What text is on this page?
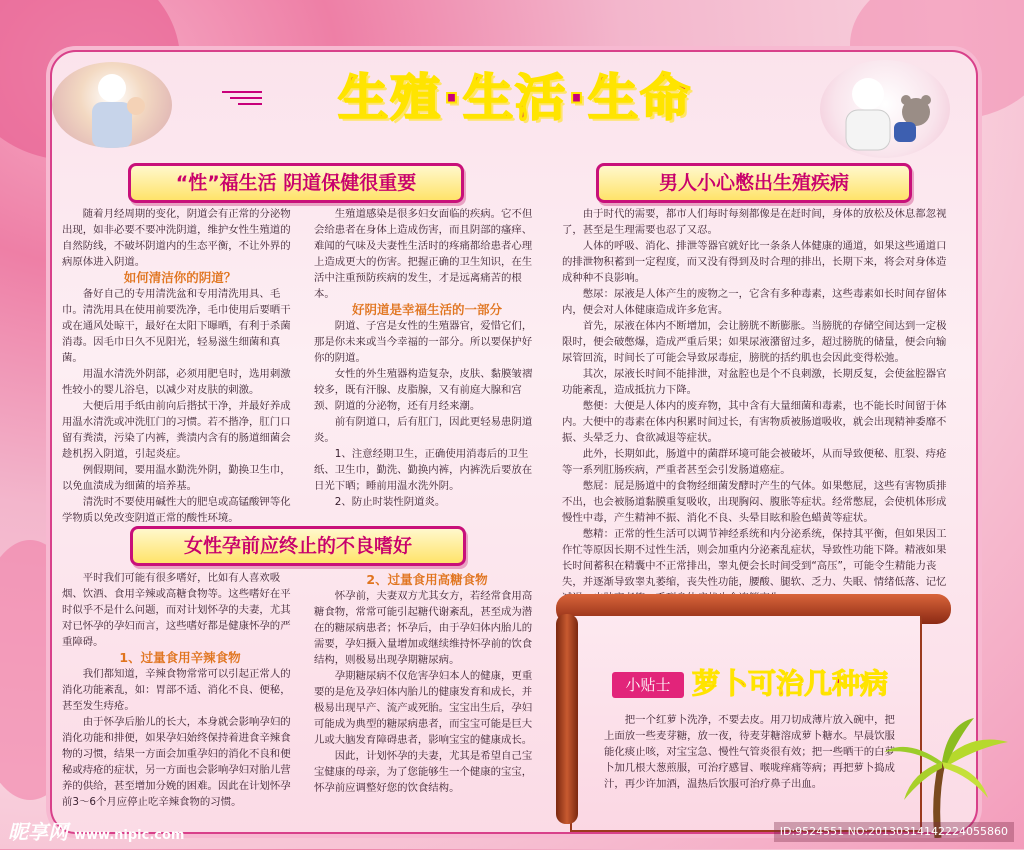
生殖·生活·生命
“性”福生活 阴道保健很重要

随着月经周期的变化，阴道会有正常的分泌物出现，如非必要不要冲洗阴道，维护女性生殖道的自然防线，不破坏阴道内的生态平衡，不让外界的病原体进入阴道。

如何清洁你的阴道？

备好自己的专用清洗盆和专用清洗用具、毛巾。清洗用具在使用前要洗净，毛巾使用后要晒干或在通风处晾干，最好在太阳下曝晒，有利于杀菌消毒。因毛巾日久不见阳光，轻易滋生细菌和真菌。

用温水清洗外阴部，必须用肥皂时，选用刺激性较小的婴儿浴皂，以减少对皮肤的刺激。

大便后用手纸由前向后揩拭干净，并最好养成用温水清洗或冲洗肛门的习惯。若不揩净，肛门口留有粪渍，污染了内裤，粪渍内含有的肠道细菌会趁机拐入阴道，引起炎症。

例假期间，要用温水勤洗外阴，勤换卫生巾，以免血渍成为细菌的培养基。

清洗时不要使用碱性大的肥皂或高锰酸钾等化学物质以免改变阴道正常的酸性环境。

生殖道感染是很多妇女面临的疾病。它不但会给患者在身体上造成伤害，而且阴部的瘙痒、难闻的气味及夫妻性生活时的疼痛都给患者心理上造成更大的伤害。把握正确的卫生知识，在生活中注重预防疾病的发生，才是远离痛苦的根本。

好阴道是幸福生活的一部分

阴道、子宫是女性的生殖器官，爱惜它们，那是你未来或当今幸福的一部分。所以要保护好你的阴道。

女性的外生殖器构造复杂，皮肤、黏膜皱褶较多，既有汗腺、皮脂腺，又有前庭大腺和宫颈、阴道的分泌物，还有月经来潮。

前有阴道口，后有肛门，因此更轻易患阴道炎。

1、注意经期卫生，正确使用消毒后的卫生纸、卫生巾，勤洗、勤换内裤，内裤洗后要放在日光下晒；睡前用温水洗外阴。

2、防止时装性阴道炎。

女性孕前应终止的不良嗜好

平时我们可能有很多嗜好，比如有人喜欢吸烟、饮酒、食用辛辣或高糖食物等。这些嗜好在平时似乎不是什么问题，而对计划怀孕的夫妻，尤其对已怀孕的孕妇而言，这些嗜好都是健康怀孕的严重障碍。

1、过量食用辛辣食物

我们都知道，辛辣食物常常可以引起正常人的消化功能紊乱，如：胃部不适、消化不良、便秘，甚至发生痔疮。

由于怀孕后胎儿的长大，本身就会影响孕妇的消化功能和排便，如果孕妇始终保持着进食辛辣食物的习惯，结果一方面会加重孕妇的消化不良和便秘或痔疮的症状，另一方面也会影响孕妇对胎儿营养的供给，甚至增加分娩的困难。因此在计划怀孕前3～6个月应停止吃辛辣食物的习惯。

2、过量食用高糖食物

怀孕前，夫妻双方尤其女方，若经常食用高糖食物，常常可能引起糖代谢紊乱，甚至成为潜在的糖尿病患者；怀孕后，由于孕妇体内胎儿的需要，孕妇摄入量增加或继续维持怀孕前的饮食结构，则极易出现孕期糖尿病。

孕期糖尿病不仅危害孕妇本人的健康，更重要的是危及孕妇体内胎儿的健康发育和成长，并极易出现早产、流产或死胎。宝宝出生后，孕妇可能成为典型的糖尿病患者，而宝宝可能是巨大儿或大脑发育障碍患者，影响宝宝的健康成长。

因此，计划怀孕的夫妻，尤其是希望自己宝宝健康的母亲，为了您能够生一个健康的宝宝，怀孕前应调整好您的饮食结构。

男人小心憋出生殖疾病

由于时代的需要，都市人们每时每刻都像是在赶时间，身体的放松及休息都忽视了，甚至是生理需要也忍了又忍。

人体的呼吸、消化、排泄等器官就好比一条条人体健康的通道，如果这些通道口的排泄物积蓄到一定程度，而又没有得到及时合理的排出，长期下来，将会对身体造成种种不良影响。

憋尿：尿液是人体产生的废物之一，它含有多种毒素，这些毒素如长时间存留体内，便会对人体健康造成许多危害。

首先，尿液在体内不断增加，会让膀胱不断膨胀。当膀胱的存储空间达到一定极限时，便会破憋爆，造成严重后果；如果尿液潴留过多，超过膀胱的储量，便会向输尿管回流，时间长了可能会导致尿毒症，膀胱的括约肌也会因此变得松弛。

其次，尿液长时间不能排泄，对盆腔也是个不良刺激，长期反复，会使盆腔器官功能紊乱，造成抵抗力下降。

憋便：大便是人体内的废弃物，其中含有大量细菌和毒素，也不能长时间留于体内。大便中的毒素在体内积累时间过长，有害物质被肠道吸收，就会出现精神委靡不振、头晕乏力、食欲减退等症状。

此外，长期如此，肠道中的菌群环境可能会被破坏，从而导致便秘、肛裂、痔疮等一系列肛肠疾病，严重者甚至会引发肠道癌症。

憋屁：屁是肠道中的食物经细菌发酵时产生的气体。如果憋屁，这些有害物质排不出，也会被肠道黏膜重复吸收，出现胸闷、腹胀等症状。经常憋屁，会使机体形成慢性中毒，产生精神不振、消化不良、头晕目眩和脸色蜡黄等症状。

憋精：正常的性生活可以调节神经系统和内分泌系统，保持其平衡，但如果因工作忙等原因长期不过性生活，则会加重内分泌紊乱症状，导致性功能下降。精液如果长时间蓄积在精囊中不正常排出，睾丸便会长时间受到“高压”，可能令生精能力丧失，并逐渐导致睾丸萎缩，丧失性功能，腰酸、腿软、乏力、失眠、情绪低落、记忆

小贴士 萝卜可治几种病

把一个红萝卜洗净，不要去皮。用刀切成薄片放入碗中，把上面放一些麦芽糖，放一夜，待麦芽糖溶成萝卜糖水。早晨饮服能化痰止咳，对宝宝急、慢性气管炎很有效；把一些晒干的白萝卜加几根大葱煎服，可治疗感冒、喉咙痒痛等病；再把萝卜捣成汁，再少许加酒，温热后饮服可治疗鼻子出血。

昵享网 www.nipic.com	ID:9524551 NO:20130314142224055860
